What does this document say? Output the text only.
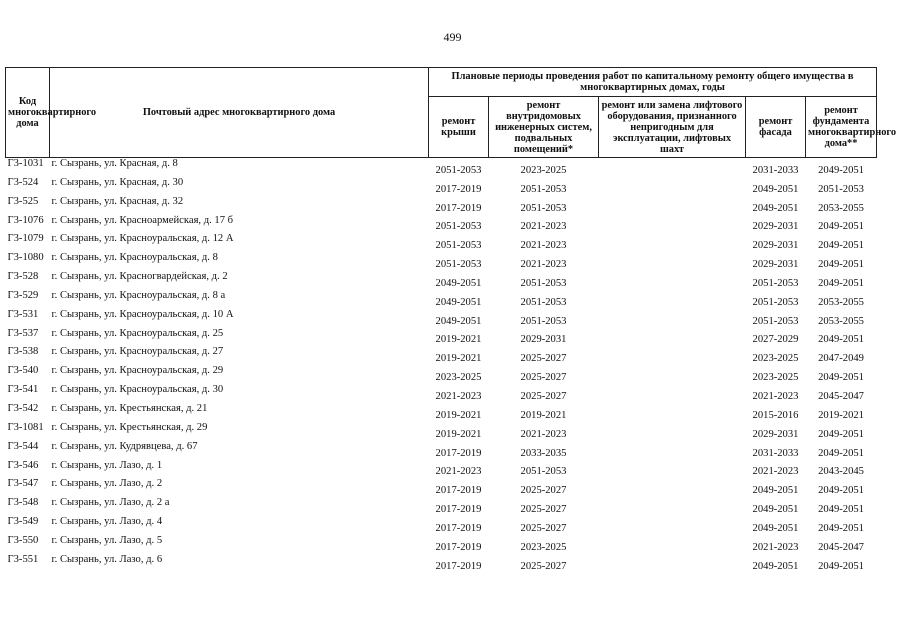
499
Код многоквартирного дома	Почтовый адрес многоквартирного дома	Плановые периоды проведения работ по капитальному ремонту общего имущества в многоквартирных домах, годы				
		ремонт крыши	ремонт внутридомовых инженерных систем, подвальных помещений*	ремонт или замена лифтового оборудования, признанного непригодным для эксплуатации, лифтовых шахт	ремонт фасада	ремонт фундамента многоквартирного дома**
Г3-1031	г. Сызрань, ул. Красная, д. 8	2051-2053	2023-2025		2031-2033	2049-2051
Г3-524	г. Сызрань, ул. Красная, д. 30	2017-2019	2051-2053		2049-2051	2051-2053
Г3-525	г. Сызрань, ул. Красная, д. 32	2017-2019	2051-2053		2049-2051	2053-2055
Г3-1076	г. Сызрань, ул. Красноармейская, д. 17 б	2051-2053	2021-2023		2029-2031	2049-2051
Г3-1079	г. Сызрань, ул. Красноуральская, д. 12 А	2051-2053	2021-2023		2029-2031	2049-2051
Г3-1080	г. Сызрань, ул. Красноуральская, д. 8	2051-2053	2021-2023		2029-2031	2049-2051
Г3-528	г. Сызрань, ул. Красногвардейская, д. 2	2049-2051	2051-2053		2051-2053	2049-2051
Г3-529	г. Сызрань, ул. Красноуральская, д. 8 а	2049-2051	2051-2053		2051-2053	2053-2055
Г3-531	г. Сызрань, ул. Красноуральская, д. 10 А	2049-2051	2051-2053		2051-2053	2053-2055
Г3-537	г. Сызрань, ул. Красноуральская, д. 25	2019-2021	2029-2031		2027-2029	2049-2051
Г3-538	г. Сызрань, ул. Красноуральская, д. 27	2019-2021	2025-2027		2023-2025	2047-2049
Г3-540	г. Сызрань, ул. Красноуральская, д. 29	2023-2025	2025-2027		2023-2025	2049-2051
Г3-541	г. Сызрань, ул. Красноуральская, д. 30	2021-2023	2025-2027		2021-2023	2045-2047
Г3-542	г. Сызрань, ул. Крестьянская, д. 21	2019-2021	2019-2021		2015-2016	2019-2021
Г3-1081	г. Сызрань, ул. Крестьянская, д. 29	2019-2021	2021-2023		2029-2031	2049-2051
Г3-544	г. Сызрань, ул. Кудрявцева, д. 67	2017-2019	2033-2035		2031-2033	2049-2051
Г3-546	г. Сызрань, ул. Лазо, д. 1	2021-2023	2051-2053		2021-2023	2043-2045
Г3-547	г. Сызрань, ул. Лазо, д. 2	2017-2019	2025-2027		2049-2051	2049-2051
Г3-548	г. Сызрань, ул. Лазо, д. 2 а	2017-2019	2025-2027		2049-2051	2049-2051
Г3-549	г. Сызрань, ул. Лазо, д. 4	2017-2019	2025-2027		2049-2051	2049-2051
Г3-550	г. Сызрань, ул. Лазо, д. 5	2017-2019	2023-2025		2021-2023	2045-2047
Г3-551	г. Сызрань, ул. Лазо, д. 6	2017-2019	2025-2027		2049-2051	2049-2051
